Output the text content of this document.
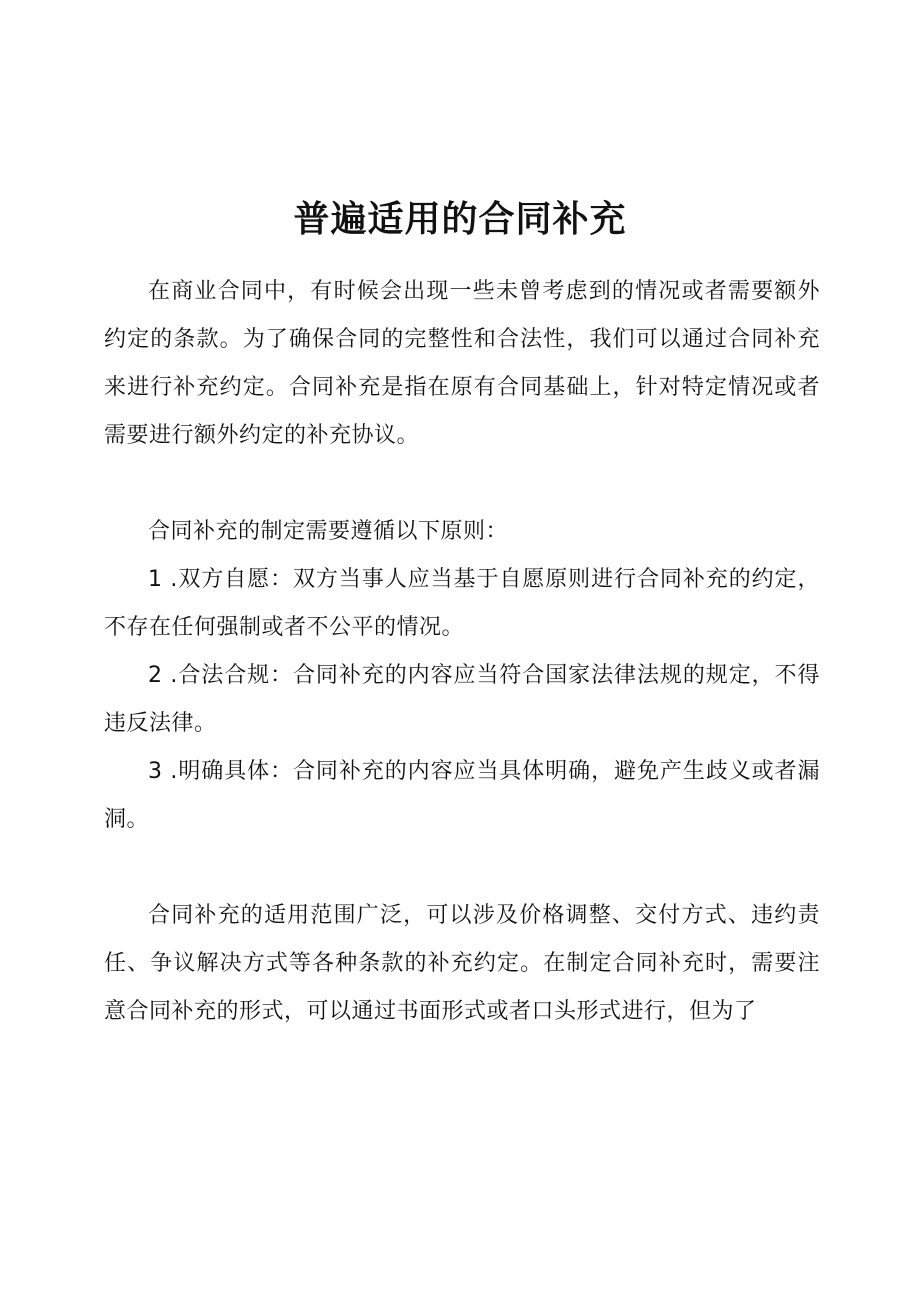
普遍适用的合同补充

在商业合同中，有时候会出现一些未曾考虑到的情况或者需要额外约定的条款。为了确保合同的完整性和合法性，我们可以通过合同补充来进行补充约定。合同补充是指在原有合同基础上，针对特定情况或者需要进行额外约定的补充协议。

合同补充的制定需要遵循以下原则：

1 .双方自愿：双方当事人应当基于自愿原则进行合同补充的约定，不存在任何强制或者不公平的情况。

2 .合法合规：合同补充的内容应当符合国家法律法规的规定，不得违反法律。

3 .明确具体：合同补充的内容应当具体明确，避免产生歧义或者漏洞。

合同补充的适用范围广泛，可以涉及价格调整、交付方式、违约责任、争议解决方式等各种条款的补充约定。在制定合同补充时，需要注意合同补充的形式，可以通过书面形式或者口头形式进行，但为了
